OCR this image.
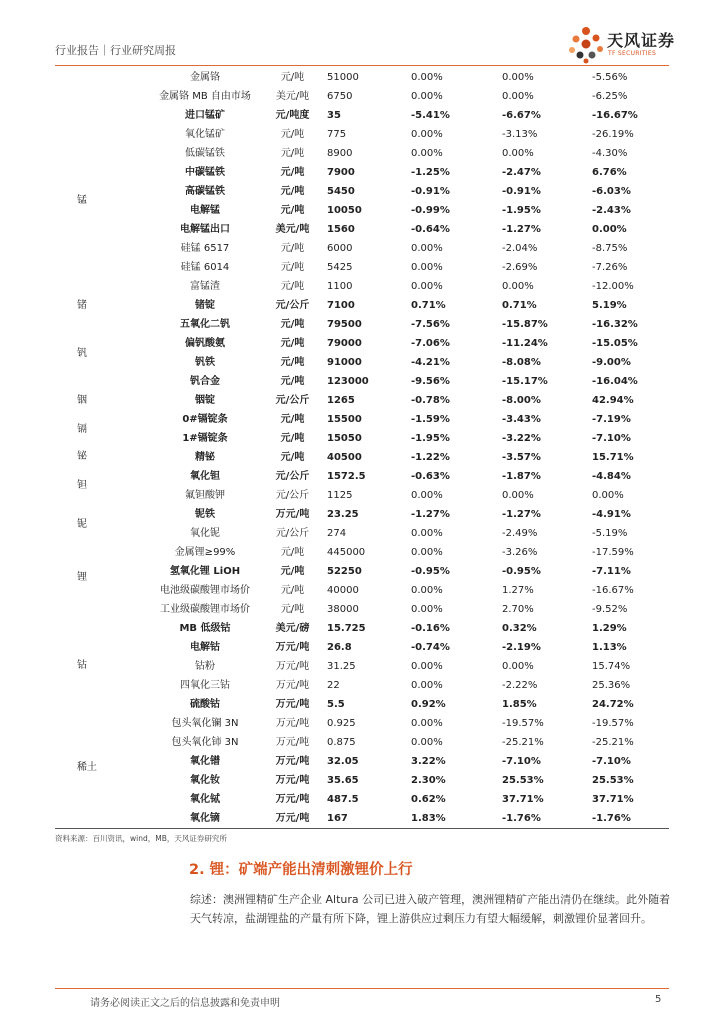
行业报告｜行业研究周报
天风证券
TF SECURITIES
金属铬	元/吨	51000	0.00%	0.00%	-5.56%
金属铬 MB 自由市场	美元/吨	6750	0.00%	0.00%	-6.25%
进口锰矿	元/吨度	35	-5.41%	-6.67%	-16.67%
氧化锰矿	元/吨	775	0.00%	-3.13%	-26.19%
低碳锰铁	元/吨	8900	0.00%	0.00%	-4.30%
中碳锰铁	元/吨	7900	-1.25%	-2.47%	6.76%
高碳锰铁	元/吨	5450	-0.91%	-0.91%	-6.03%
电解锰	元/吨	10050	-0.99%	-1.95%	-2.43%
电解锰出口	美元/吨	1560	-0.64%	-1.27%	0.00%
硅锰 6517	元/吨	6000	0.00%	-2.04%	-8.75%
硅锰 6014	元/吨	5425	0.00%	-2.69%	-7.26%
富锰渣	元/吨	1100	0.00%	0.00%	-12.00%
锗锭	元/公斤	7100	0.71%	0.71%	5.19%
五氧化二钒	元/吨	79500	-7.56%	-15.87%	-16.32%
偏钒酸氨	元/吨	79000	-7.06%	-11.24%	-15.05%
钒铁	元/吨	91000	-4.21%	-8.08%	-9.00%
钒合金	元/吨	123000	-9.56%	-15.17%	-16.04%
铟锭	元/公斤	1265	-0.78%	-8.00%	42.94%
0#镉锭条	元/吨	15500	-1.59%	-3.43%	-7.19%
1#镉锭条	元/吨	15050	-1.95%	-3.22%	-7.10%
精铋	元/吨	40500	-1.22%	-3.57%	15.71%
氧化钽	元/公斤	1572.5	-0.63%	-1.87%	-4.84%
氟钽酸钾	元/公斤	1125	0.00%	0.00%	0.00%
铌铁	万元/吨	23.25	-1.27%	-1.27%	-4.91%
氧化铌	元/公斤	274	0.00%	-2.49%	-5.19%
金属锂≥99%	元/吨	445000	0.00%	-3.26%	-17.59%
氢氧化锂 LiOH	元/吨	52250	-0.95%	-0.95%	-7.11%
电池级碳酸锂市场价	元/吨	40000	0.00%	1.27%	-16.67%
工业级碳酸锂市场价	元/吨	38000	0.00%	2.70%	-9.52%
MB 低级钴	美元/磅	15.725	-0.16%	0.32%	1.29%
电解钴	万元/吨	26.8	-0.74%	-2.19%	1.13%
钴粉	万元/吨	31.25	0.00%	0.00%	15.74%
四氧化三钴	万元/吨	22	0.00%	-2.22%	25.36%
硫酸钴	万元/吨	5.5	0.92%	1.85%	24.72%
包头氧化镧 3N	万元/吨	0.925	0.00%	-19.57%	-19.57%
包头氧化铈 3N	万元/吨	0.875	0.00%	-25.21%	-25.21%
氧化镨	万元/吨	32.05	3.22%	-7.10%	-7.10%
氧化钕	万元/吨	35.65	2.30%	25.53%	25.53%
氧化铽	万元/吨	487.5	0.62%	37.71%	37.71%
氧化镝	万元/吨	167	1.83%	-1.76%	-1.76%
锰
锗
钒
铟
镉
铋
钽
铌
锂
钴
稀土
资料来源：百川资讯，wind，MB，天风证券研究所
2. 锂：矿端产能出清刺激锂价上行
综述：澳洲锂精矿生产企业 Altura 公司已进入破产管理，澳洲锂精矿产能出清仍在继续。此外随着天气转凉，盐湖锂盐的产量有所下降，锂上游供应过剩压力有望大幅缓解，刺激锂价显著回升。
请务必阅读正文之后的信息披露和免责申明	5
